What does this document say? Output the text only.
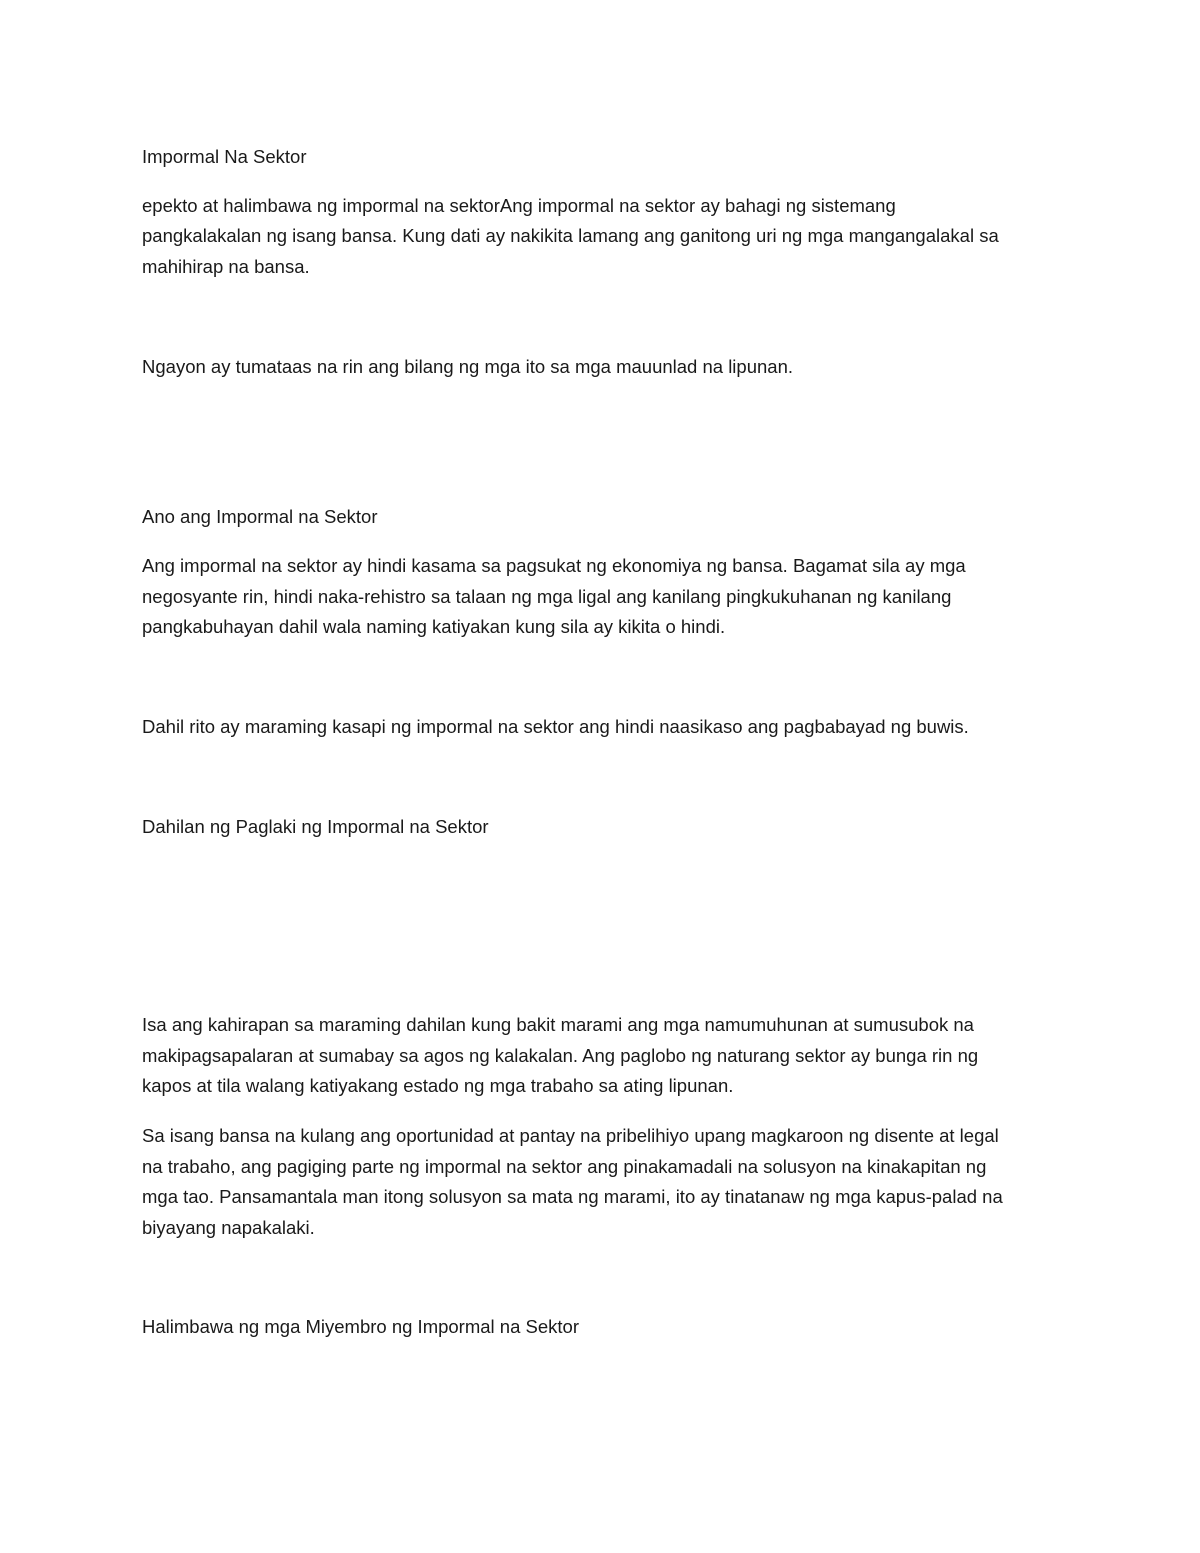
Impormal Na Sektor

epekto at halimbawa ng impormal na sektorAng impormal na sektor ay bahagi ng sistemang

pangkalakalan ng isang bansa. Kung dati ay nakikita lamang ang ganitong uri ng mga mangangalakal sa

mahihirap na bansa.

Ngayon ay tumataas na rin ang bilang ng mga ito sa mga mauunlad na lipunan.

Ano ang Impormal na Sektor

Ang impormal na sektor ay hindi kasama sa pagsukat ng ekonomiya ng bansa. Bagamat sila ay mga

negosyante rin, hindi naka-rehistro sa talaan ng mga ligal ang kanilang pingkukuhanan ng kanilang

pangkabuhayan dahil wala naming katiyakan kung sila ay kikita o hindi.

Dahil rito ay maraming kasapi ng impormal na sektor ang hindi naasikaso ang pagbabayad ng buwis.

Dahilan ng Paglaki ng Impormal na Sektor

Isa ang kahirapan sa maraming dahilan kung bakit marami ang mga namumuhunan at sumusubok na

makipagsapalaran at sumabay sa agos ng kalakalan. Ang paglobo ng naturang sektor ay bunga rin ng

kapos at tila walang katiyakang estado ng mga trabaho sa ating lipunan.

Sa isang bansa na kulang ang oportunidad at pantay na pribelihiyo upang magkaroon ng disente at legal

na trabaho, ang pagiging parte ng impormal na sektor ang pinakamadali na solusyon na kinakapitan ng

mga tao. Pansamantala man itong solusyon sa mata ng marami, ito ay tinatanaw ng mga kapus-palad na

biyayang napakalaki.

Halimbawa ng mga Miyembro ng Impormal na Sektor
